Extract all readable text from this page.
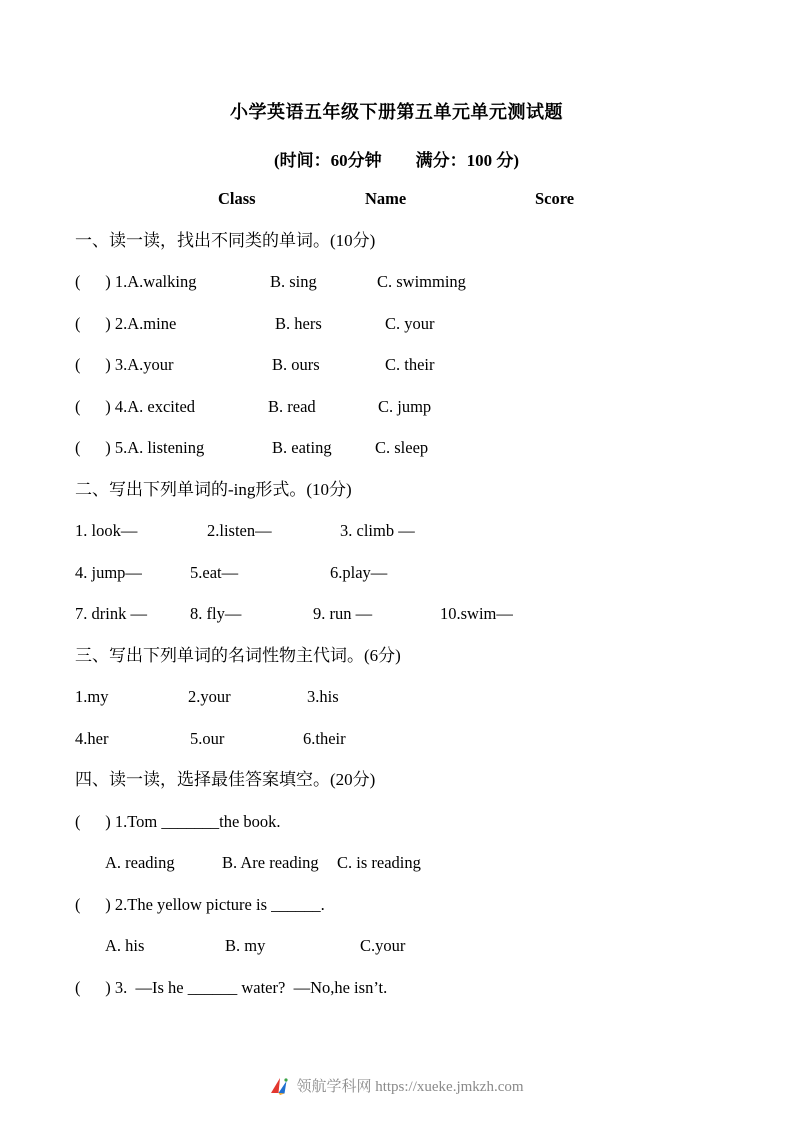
小学英语五年级下册第五单元单元测试题
(时间：60分钟        满分：100 分)
Class	Name	Score
一、读一读，找出不同类的单词。(10分)
(      ) 1.A.walking	B. sing	C. swimming
(      ) 2.A.mine	B. hers	C. your
(      ) 3.A.your	B. ours	C. their
(      ) 4.A. excited	B. read	C. jump
(      ) 5.A. listening	B. eating	C. sleep
二、写出下列单词的-ing形式。(10分)
1. look—	2.listen—	3. climb —
4. jump—	5.eat—	6.play—
7. drink —	8. fly—	9. run —	10.swim—
三、写出下列单词的名词性物主代词。(6分)
1.my	2.your	3.his
4.her	5.our	6.their
四、读一读，选择最佳答案填空。(20分)
(      ) 1.Tom _______the book.
A. reading	B. Are reading C. is reading
(      ) 2.The yellow picture is ______.
A. his	B. my	C.your
(      ) 3.  —Is he ______ water?  —No,he isn’t.
领航学科网 https://xueke.jmkzh.com
